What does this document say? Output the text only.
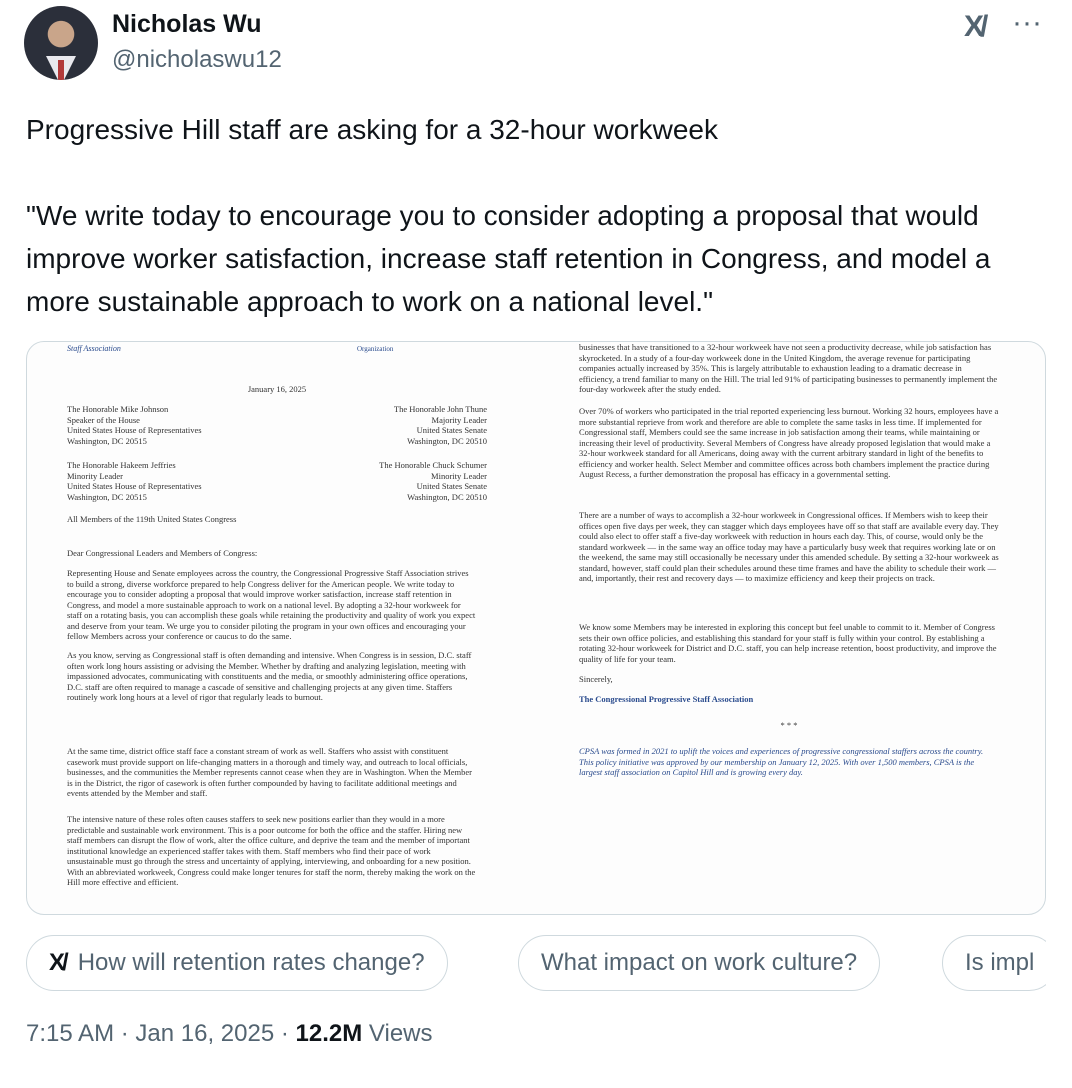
Nicholas Wu
@nicholaswu12
X/ ···

Progressive Hill staff are asking for a 32-hour workweek

"We write today to encourage you to consider adopting a proposal that would improve worker satisfaction, increase staff retention in Congress, and model a more sustainable approach to work on a national level."

Staff Association	Organization
January 16, 2025
The Honorable Mike Johnson
Speaker of the House
United States House of Representatives
Washington, DC 20515
The Honorable John Thune
Majority Leader
United States Senate
Washington, DC 20510
The Honorable Hakeem Jeffries
Minority Leader
United States House of Representatives
Washington, DC 20515
The Honorable Chuck Schumer
Minority Leader
United States Senate
Washington, DC 20510
All Members of the 119th United States Congress
Dear Congressional Leaders and Members of Congress:
Representing House and Senate employees across the country, the Congressional Progressive Staff Association strives to build a strong, diverse workforce prepared to help Congress deliver for the American people. We write today to encourage you to consider adopting a proposal that would improve worker satisfaction, increase staff retention in Congress, and model a more sustainable approach to work on a national level. By adopting a 32-hour workweek for staff on a rotating basis, you can accomplish these goals while retaining the productivity and quality of work you expect and deserve from your team. We urge you to consider piloting the program in your own offices and encouraging your fellow Members across your conference or caucus to do the same.
As you know, serving as Congressional staff is often demanding and intensive. When Congress is in session, D.C. staff often work long hours assisting or advising the Member. Whether by drafting and analyzing legislation, meeting with impassioned advocates, communicating with constituents and the media, or smoothly administering office operations, D.C. staff are often required to manage a cascade of sensitive and challenging projects at any given time. Staffers routinely work long hours at a level of rigor that regularly leads to burnout.
At the same time, district office staff face a constant stream of work as well. Staffers who assist with constituent casework must provide support on life-changing matters in a thorough and timely way, and outreach to local officials, businesses, and the communities the Member represents cannot cease when they are in Washington. When the Member is in the District, the rigor of casework is often further compounded by having to facilitate additional meetings and events attended by the Member and staff.
The intensive nature of these roles often causes staffers to seek new positions earlier than they would in a more predictable and sustainable work environment. This is a poor outcome for both the office and the staffer. Hiring new staff members can disrupt the flow of work, alter the office culture, and deprive the team and the member of important institutional knowledge an experienced staffer takes with them. Staff members who find their pace of work unsustainable must go through the stress and uncertainty of applying, interviewing, and onboarding for a new position. With an abbreviated workweek, Congress could make longer tenures for staff the norm, thereby making the work on the Hill more effective and efficient.
businesses that have transitioned to a 32-hour workweek have not seen a productivity decrease, while job satisfaction has skyrocketed. In a study of a four-day workweek done in the United Kingdom, the average revenue for participating companies actually increased by 35%. This is largely attributable to exhaustion leading to a dramatic decrease in efficiency, a trend familiar to many on the Hill. The trial led 91% of participating businesses to permanently implement the four-day workweek after the study ended.
Over 70% of workers who participated in the trial reported experiencing less burnout. Working 32 hours, employees have a more substantial reprieve from work and therefore are able to complete the same tasks in less time. If implemented for Congressional staff, Members could see the same increase in job satisfaction among their teams, while maintaining or increasing their level of productivity. Several Members of Congress have already proposed legislation that would make a 32-hour workweek standard for all Americans, doing away with the current arbitrary standard in light of the benefits to efficiency and worker health. Select Member and committee offices across both chambers implement the practice during August Recess, a further demonstration the proposal has efficacy in a governmental setting.
There are a number of ways to accomplish a 32-hour workweek in Congressional offices. If Members wish to keep their offices open five days per week, they can stagger which days employees have off so that staff are available every day. They could also elect to offer staff a five-day workweek with reduction in hours each day. This, of course, would only be the standard workweek — in the same way an office today may have a particularly busy week that requires working late or on the weekend, the same may still occasionally be necessary under this amended schedule. By setting a 32-hour workweek as standard, however, staff could plan their schedules around these time frames and have the ability to schedule their work — and, importantly, their rest and recovery days — to maximize efficiency and keep their projects on track.
We know some Members may be interested in exploring this concept but feel unable to commit to it. Member of Congress sets their own office policies, and establishing this standard for your staff is fully within your control. By establishing a rotating 32-hour workweek for District and D.C. staff, you can help increase retention, boost productivity, and improve the quality of life for your team.
Sincerely,
The Congressional Progressive Staff Association
* * *
CPSA was formed in 2021 to uplift the voices and experiences of progressive congressional staffers across the country. This policy initiative was approved by our membership on January 12, 2025. With over 1,500 members, CPSA is the largest staff association on Capitol Hill and is growing every day.
X/ How will retention rates change?	What impact on work culture?	Is impl
7:15 AM · Jan 16, 2025 · 12.2M Views
